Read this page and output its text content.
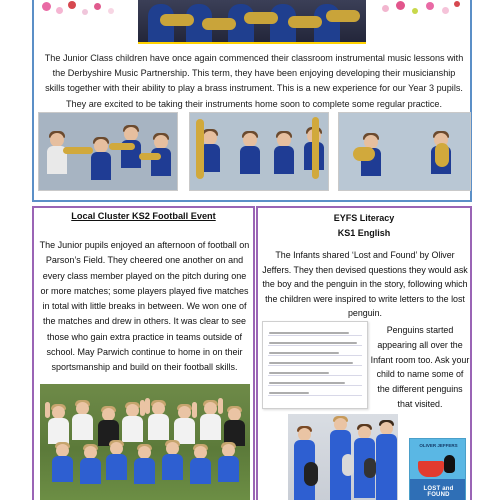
The Junior Class children have once again commenced their classroom instrumental music lessons with the Derbyshire Music Partnership. This term, they have been enjoying developing their musicianship skills together with their ability to play a brass instrument. This is a new experience for our Year 3 pupils. They are excited to be taking their instruments home soon to complete some regular practice.

Local Cluster KS2 Football Event

The Junior pupils enjoyed an afternoon of football on Parson’s Field. They cheered one another on and every class member played on the pitch during one or more matches; some players played five matches in total with little breaks in between. We won one of the matches and drew in others. It was clear to see those who gain extra practice in teams outside of school. May Parwich continue to home in on their sportsmanship and build on their football skills.

EYFS Literacy
KS1 English

The Infants shared ‘Lost and Found’ by Oliver Jeffers. They then devised questions they would ask the boy and the penguin in the story, following which the children were inspired to write letters to the lost penguin.

Penguins started appearing all over the Infant room too. Ask your child to name some of the different penguins that visited.

OLIVER JEFFERS
LOST and FOUND
